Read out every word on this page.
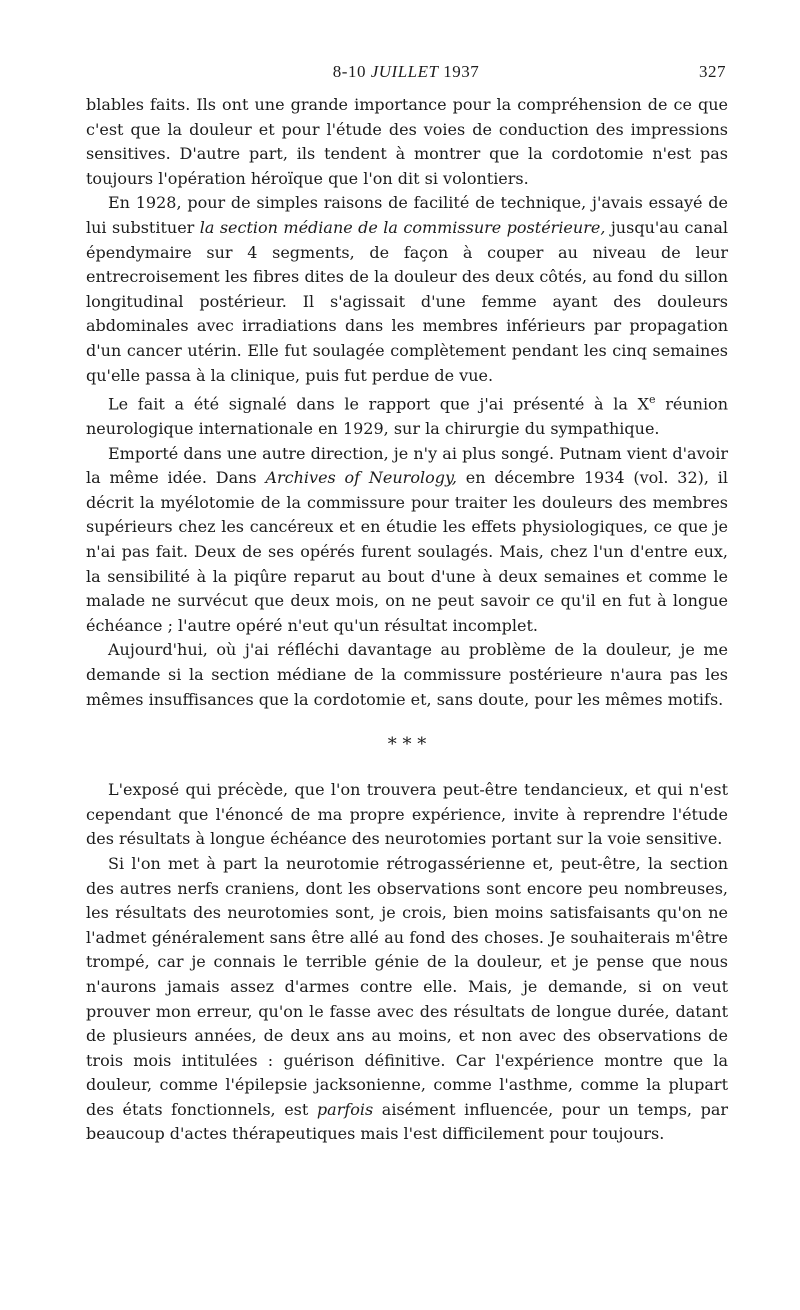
8-10 JUILLET 1937	327

blables faits. Ils ont une grande importance pour la compréhension de ce que c'est que la douleur et pour l'étude des voies de conduction des impressions sensitives. D'autre part, ils tendent à montrer que la cordotomie n'est pas toujours l'opération héroïque que l'on dit si volontiers.

En 1928, pour de simples raisons de facilité de technique, j'avais essayé de lui substituer la section médiane de la commissure postérieure, jusqu'au canal épendymaire sur 4 segments, de façon à couper au niveau de leur entrecroisement les fibres dites de la douleur des deux côtés, au fond du sillon longitudinal postérieur. Il s'agissait d'une femme ayant des douleurs abdominales avec irradiations dans les membres inférieurs par propagation d'un cancer utérin. Elle fut soulagée complètement pendant les cinq semaines qu'elle passa à la clinique, puis fut perdue de vue.

Le fait a été signalé dans le rapport que j'ai présenté à la Xe réunion neurologique internationale en 1929, sur la chirurgie du sympathique.

Emporté dans une autre direction, je n'y ai plus songé. Putnam vient d'avoir la même idée. Dans Archives of Neurology, en décembre 1934 (vol. 32), il décrit la myélotomie de la commissure pour traiter les douleurs des membres supérieurs chez les cancéreux et en étudie les effets physiologiques, ce que je n'ai pas fait. Deux de ses opérés furent soulagés. Mais, chez l'un d'entre eux, la sensibilité à la piqûre reparut au bout d'une à deux semaines et comme le malade ne survécut que deux mois, on ne peut savoir ce qu'il en fut à longue échéance ; l'autre opéré n'eut qu'un résultat incomplet.

Aujourd'hui, où j'ai réfléchi davantage au problème de la douleur, je me demande si la section médiane de la commissure postérieure n'aura pas les mêmes insuffisances que la cordotomie et, sans doute, pour les mêmes motifs.

* * *

L'exposé qui précède, que l'on trouvera peut-être tendancieux, et qui n'est cependant que l'énoncé de ma propre expérience, invite à reprendre l'étude des résultats à longue échéance des neurotomies portant sur la voie sensitive.

Si l'on met à part la neurotomie rétrogassérienne et, peut-être, la section des autres nerfs craniens, dont les observations sont encore peu nombreuses, les résultats des neurotomies sont, je crois, bien moins satisfaisants qu'on ne l'admet généralement sans être allé au fond des choses. Je souhaiterais m'être trompé, car je connais le terrible génie de la douleur, et je pense que nous n'aurons jamais assez d'armes contre elle. Mais, je demande, si on veut prouver mon erreur, qu'on le fasse avec des résultats de longue durée, datant de plusieurs années, de deux ans au moins, et non avec des observations de trois mois intitulées : guérison définitive. Car l'expérience montre que la douleur, comme l'épilepsie jacksonienne, comme l'asthme, comme la plupart des états fonctionnels, est parfois aisément influencée, pour un temps, par beaucoup d'actes thérapeutiques mais l'est difficilement pour toujours.
